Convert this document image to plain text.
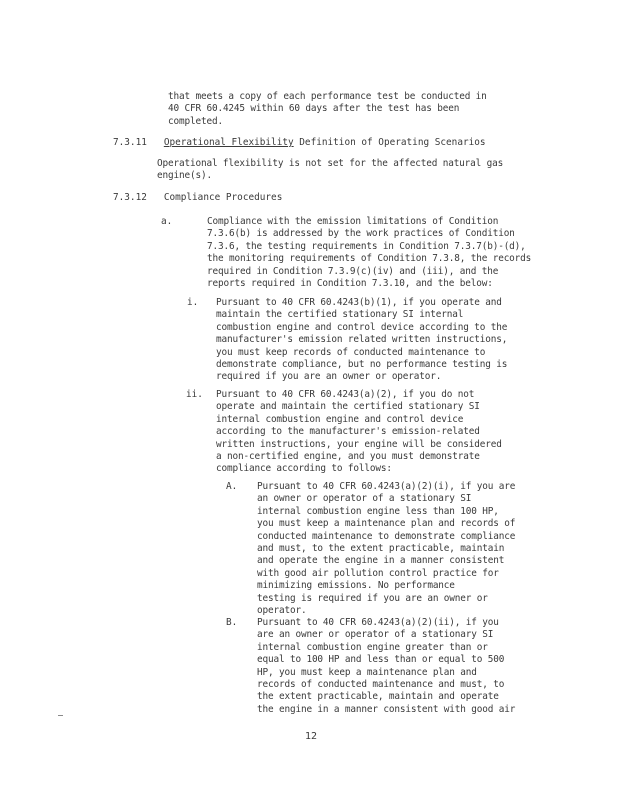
that meets a copy of each performance test be conducted in
40 CFR 60.4245 within 60 days after the test has been
completed.
7.3.11 Operational Flexibility Definition of Operating Scenarios
Operational flexibility is not set for the affected natural gas
engine(s).
7.3.12 Compliance Procedures
a.	Compliance with the emission limitations of Condition
7.3.6(b) is addressed by the work practices of Condition
7.3.6, the testing requirements in Condition 7.3.7(b)-(d),
the monitoring requirements of Condition 7.3.8, the records
required in Condition 7.3.9(c)(iv) and (iii), and the
reports required in Condition 7.3.10, and the below:
i. Pursuant to 40 CFR 60.4243(b)(1), if you operate and
maintain the certified stationary SI internal
combustion engine and control device according to the
manufacturer's emission related written instructions,
you must keep records of conducted maintenance to
demonstrate compliance, but no performance testing is
required if you are an owner or operator.
ii. Pursuant to 40 CFR 60.4243(a)(2), if you do not
operate and maintain the certified stationary SI
internal combustion engine and control device
according to the manufacturer's emission-related
written instructions, your engine will be considered
a non-certified engine, and you must demonstrate
compliance according to follows:
A. Pursuant to 40 CFR 60.4243(a)(2)(i), if you are
an owner or operator of a stationary SI
internal combustion engine less than 100 HP,
you must keep a maintenance plan and records of
conducted maintenance to demonstrate compliance
and must, to the extent practicable, maintain
and operate the engine in a manner consistent
with good air pollution control practice for
minimizing emissions. No performance
testing is required if you are an owner or
operator.
B. Pursuant to 40 CFR 60.4243(a)(2)(ii), if you
are an owner or operator of a stationary SI
internal combustion engine greater than or
equal to 100 HP and less than or equal to 500
HP, you must keep a maintenance plan and
records of conducted maintenance and must, to
the extent practicable, maintain and operate
the engine in a manner consistent with good air
12
